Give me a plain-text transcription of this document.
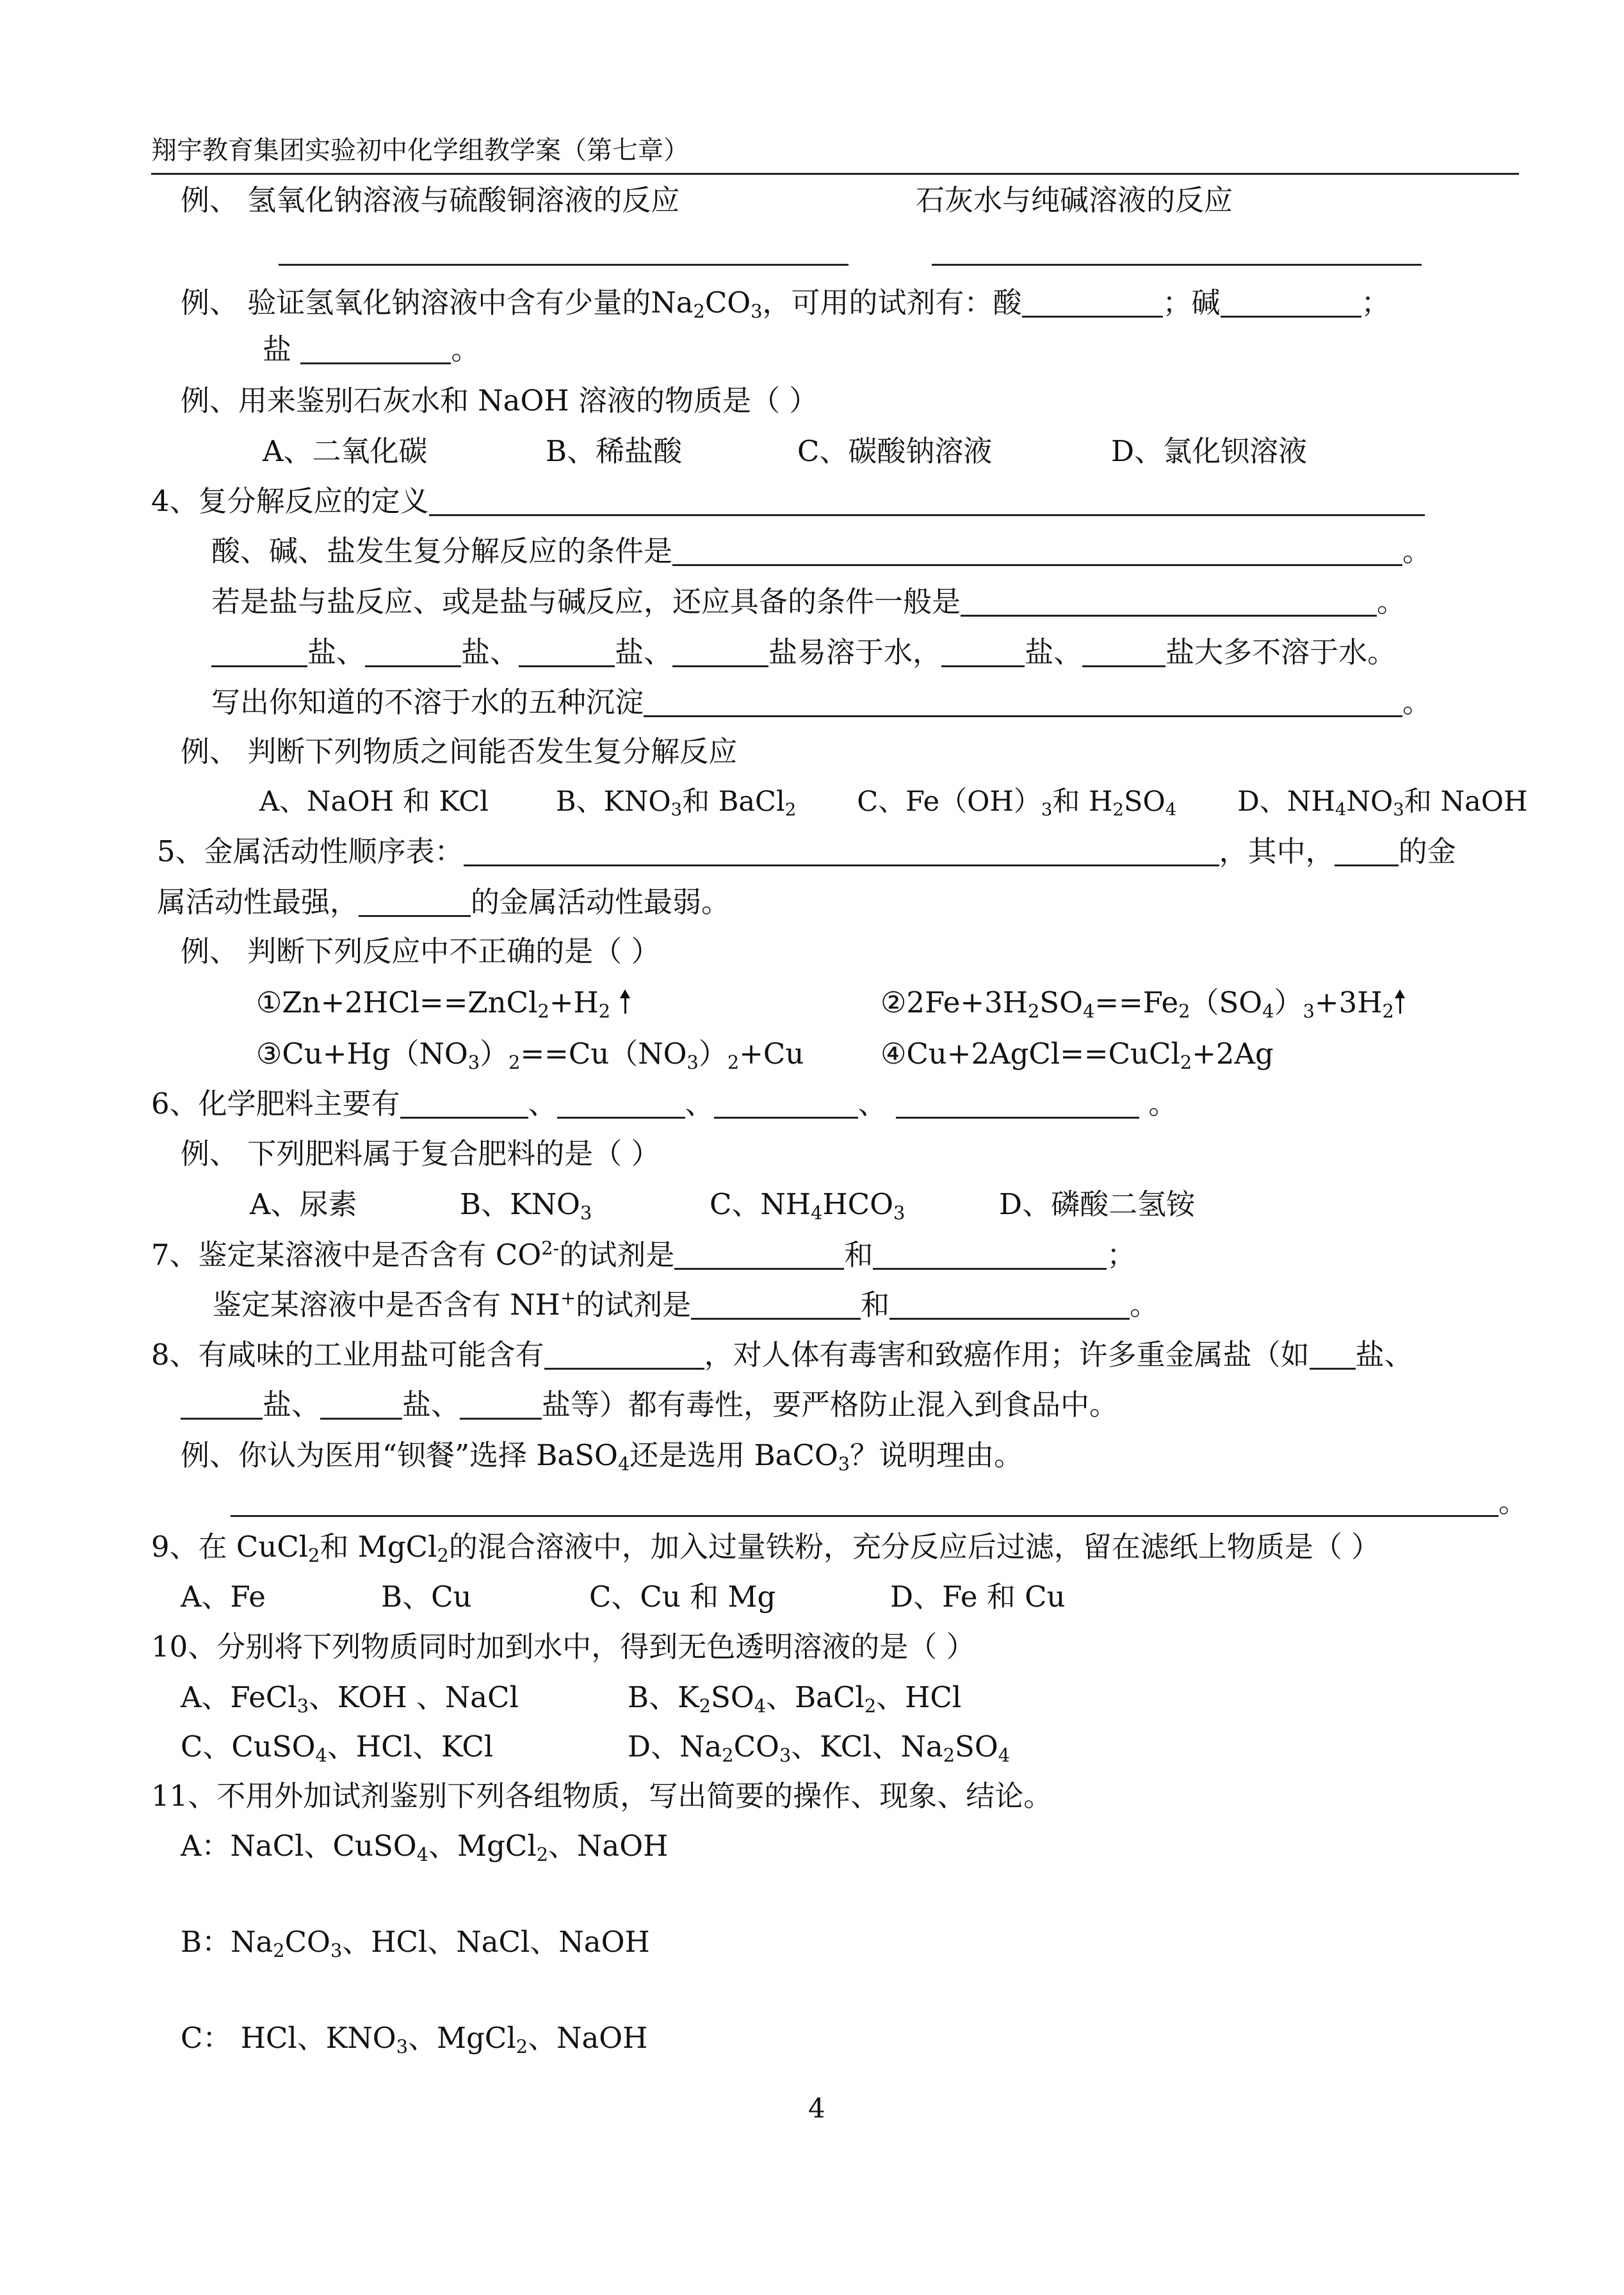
翔宇教育集团实验初中化学组教学案（第七章）
例、 氢氧化钠溶液与硫酸铜溶液的反应	石灰水与纯碱溶液的反应
例、 验证氢氧化钠溶液中含有少量的$Na_2CO_3$，可用的试剂有：酸	；碱	；
盐	。
例、用来鉴别石灰水和 NaOH 溶液的物质是（ ）
A、二氧化碳	B、稀盐酸	C、碳酸钠溶液	D、氯化钡溶液
4、复分解反应的定义
酸、碱、盐发生复分解反应的条件是	。
若是盐与盐反应、或是盐与碱反应，还应具备的条件一般是	。
盐、	盐、	盐、	盐易溶于水，	盐、	盐大多不溶于水。
写出你知道的不溶于水的五种沉淀	。
例、 判断下列物质之间能否发生复分解反应
A、NaOH 和 KCl B、$KNO_3$和 BaCl$_2$ C、$Fe(OH)_3$和 $H_2SO_4$ D、$NH_4NO_3$和 NaOH
5、金属活动性顺序表：	，其中， 的金
属活动性最强，	的金属活动性最弱。
例、 判断下列反应中不正确的是（ ）
$①Zn+2HCl==ZnCl_2+H_2$	$②2Fe+3H_2SO_4==Fe_2(SO_4)_3+3H_2$
$③Cu+Hg(NO_3)_2==Cu(NO_3)_2+Cu$	④Cu+2AgCl==CuCl$_2$+2Ag
6、化学肥料主要有	、	、	、	。
例、 下列肥料属于复合肥料的是（ ）
A、尿素	B、$KNO_3$	C、$NH_4HCO_3$	D、磷酸二氢铵
7、鉴定某溶液中是否含有 $CO^{2-}$的试剂是	和	；
鉴定某溶液中是否含有 NH+的试剂是	和	。
8、有咸味的工业用盐可能含有	，对人体有毒害和致癌作用；许多重金属盐（如 盐、
盐、	盐、	盐等）都有毒性，要严格防止混入到食品中。
例、你认为医用“钡餐”选择 BaSO$_4$还是选用 BaCO$_3$？说明理由。
。
9、在 CuCl$_2$和 MgCl$_2$的混合溶液中，加入过量铁粉，充分反应后过滤，留在滤纸上物质是（ ）
A、Fe	B、Cu	C、Cu 和 Mg	D、Fe 和 Cu
10、分别将下列物质同时加到水中，得到无色透明溶液的是（ ）
A、FeCl$_3$、KOH 、NaCl	B、$K_2SO_4$、BaCl$_2$、HCl
C、CuSO$_4$、HCl、KCl	D、$Na_2CO_3$、KCl、$Na_2SO_4$
11、不用外加试剂鉴别下列各组物质，写出简要的操作、现象、结论。
A：NaCl、CuSO$_4$、MgCl$_2$、NaOH
B：$Na_2CO_3$、HCl、NaCl、NaOH
C： HCl、$KNO_3$、MgCl$_2$、NaOH
4
